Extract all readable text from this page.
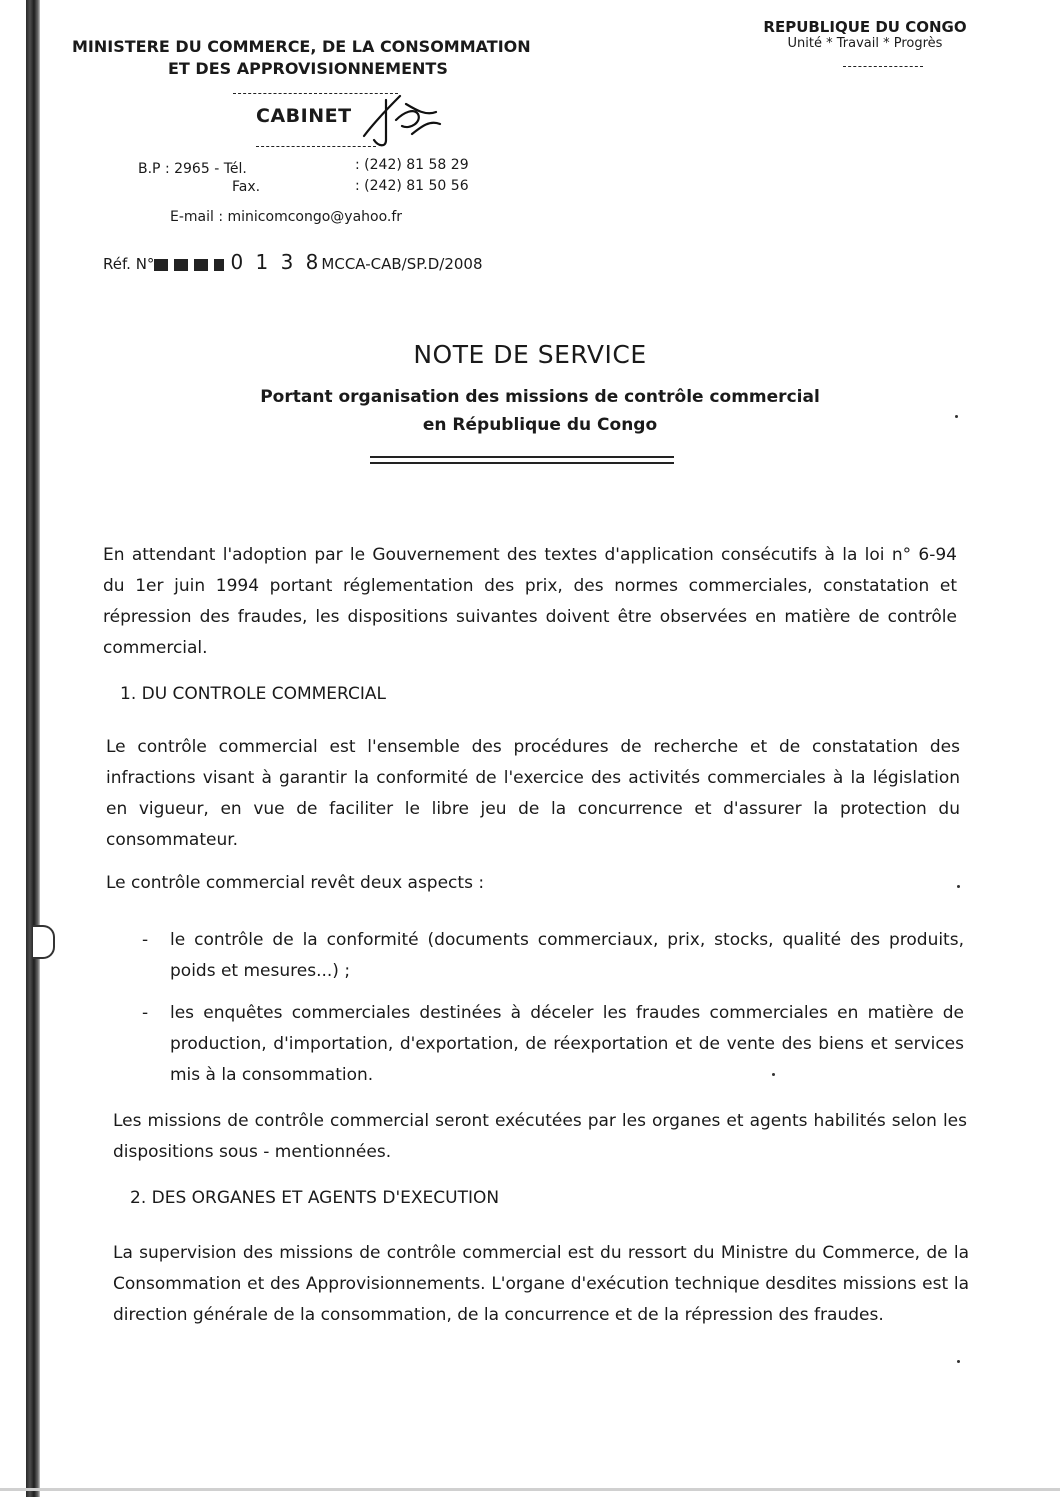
MINISTERE DU COMMERCE, DE LA CONSOMMATION
ET DES APPROVISIONNEMENTS
REPUBLIQUE DU CONGO
Unité * Travail * Progrès
CABINET
B.P : 2965 - Tél.
Fax.
: (242) 81 58 29
: (242) 81 50 56
E-mail : minicomcongo@yahoo.fr
Réf. N°	0 1 3 8MCCA-CAB/SP.D/2008
NOTE DE SERVICE
Portant organisation des missions de contrôle commercial
en République du Congo
En attendant l'adoption par le Gouvernement des textes d'application consécutifs à la loi n° 6-94 du 1er juin 1994 portant réglementation des prix, des normes commerciales, constatation et répression des fraudes, les dispositions suivantes doivent être observées en matière de contrôle commercial.
1. DU CONTROLE COMMERCIAL
Le contrôle commercial est l'ensemble des procédures de recherche et de constatation des infractions visant à garantir la conformité de l'exercice des activités commerciales à la législation en vigueur, en vue de faciliter le libre jeu de la concurrence et d'assurer la protection du consommateur.
Le contrôle commercial revêt deux aspects :
- le contrôle de la conformité (documents commerciaux, prix, stocks, qualité des produits, poids et mesures...) ;
- les enquêtes commerciales destinées à déceler les fraudes commerciales en matière de production, d'importation, d'exportation, de réexportation et de vente des biens et services mis à la consommation.
Les missions de contrôle commercial seront exécutées par les organes et agents habilités selon les dispositions sous - mentionnées.
2. DES ORGANES ET AGENTS D'EXECUTION
La supervision des missions de contrôle commercial est du ressort du Ministre du Commerce, de la Consommation et des Approvisionnements. L'organe d'exécution technique desdites missions est la direction générale de la consommation, de la concurrence et de la répression des fraudes.
